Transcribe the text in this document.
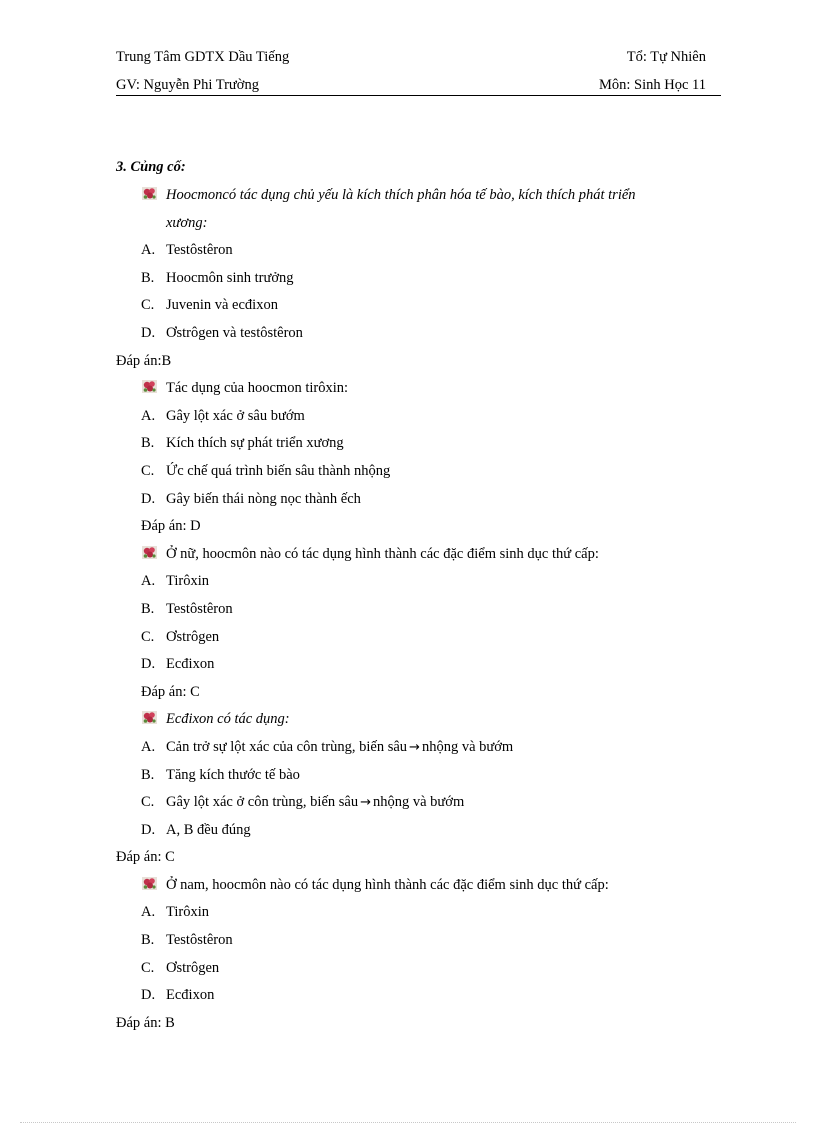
Trung Tâm GDTX Dầu Tiếng	Tổ: Tự Nhiên
GV: Nguyễn Phi Trường	Môn: Sinh Học 11
3. Củng cố:
Hoocmoncó tác dụng chủ yếu là kích thích phân hóa tế bào, kích thích phát triển
xương:
A. Testôstêron
B. Hoocmôn sinh trưởng
C. Juvenin và ecđixon
D. Ơstrôgen và testôstêron
Đáp án:B
Tác dụng của hoocmon tirôxin:
A. Gây lột xác ở sâu bướm
B. Kích thích sự phát triển xương
C. Ức chế quá trình biến sâu thành nhộng
D. Gây biến thái nòng nọc thành ếch
Đáp án: D
Ở nữ, hoocmôn nào có tác dụng hình thành các đặc điểm sinh dục thứ cấp:
A. Tirôxin
B. Testôstêron
C. Ơstrôgen
D. Ecđixon
Đáp án: C
Ecđixon có tác dụng:
A. Cản trở sự lột xác của côn trùng, biến sâu → nhộng và bướm
B. Tăng kích thước tế bào
C. Gây lột xác ở côn trùng, biến sâu → nhộng và bướm
D. A, B đều đúng
Đáp án: C
Ở nam, hoocmôn nào có tác dụng hình thành các đặc điểm sinh dục thứ cấp:
A. Tirôxin
B. Testôstêron
C. Ơstrôgen
D. Ecđixon
Đáp án: B
